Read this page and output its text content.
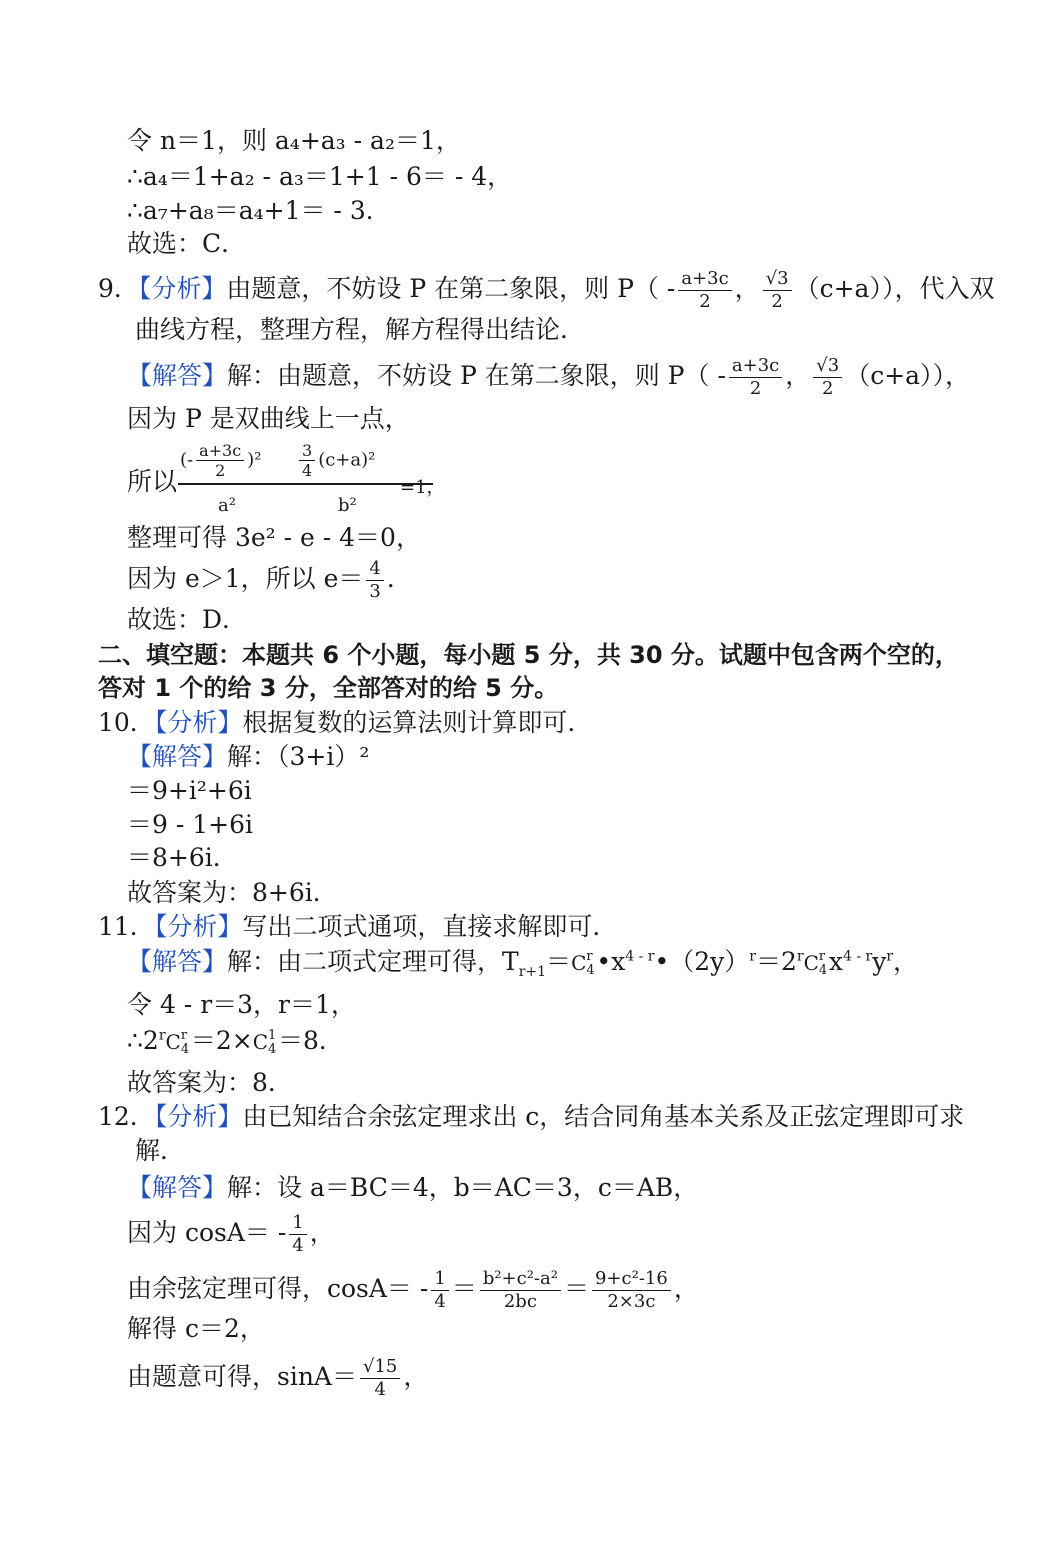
令 n＝1，则 a₄+a₃ - a₂＝1，
∴a₄＝1+a₂ - a₃＝1+1 - 6＝ - 4，
∴a₇+a₈＝a₄+1＝ - 3．
故选：C．
9．【分析】由题意，不妨设 P 在第二象限，则 $P( - \frac{a+3c}{2}$ ， $\frac{√3}{2} (c+a)$），代入双
曲线方程，整理方程，解方程得出结论．
【解答】解：由题意，不妨设 P 在第二象限，则 $P( - \frac{a+3c}{2}$ ， $\frac{√3}{2} (c+a)$），
因为 P 是双曲线上一点，
所以
(- $\frac{a+3c}{2} )^2 \frac{3}{4} (c+a)^2$
-
a²	b²
=1，
整理可得 3e² - e - 4＝0，
因为 e＞1，所以 $e= \frac{4}{3}$ ．
故选：D．
二、填空题：本题共 6 个小题，每小题 5 分，共 30 分。试题中包含两个空的，
答对 1 个的给 3 分，全部答对的给 5 分。
10．【分析】根据复数的运算法则计算即可．
【解答】解：（3+i）²
＝9+i²+6i
＝9 - 1+6i
＝8+6i．
故答案为：8+6i．
11．【分析】写出二项式通项，直接求解即可．
【解答】解：由二项式定理可得，$T_{r+1}=C$ r
4 $•x^{4 - r}•(2y)^r=2^rC$ r
4 $x^{4 - r}y^r$，
令 4 - r＝3，r＝1，
∴2$^r$C r
4 ＝2×C 1
4 ＝8．
故答案为：8．
12．【分析】由已知结合余弦定理求出 c，结合同角基本关系及正弦定理即可求
解．
【解答】解：设 a＝BC＝4，b＝AC＝3，c＝AB，
因为 $\cos A= - \frac{1}{4}$ ，
由余弦定理可得，$\cos A= - \frac{1}{4} = \frac{\text{b²+c²-a²}}{2bc} = \frac{\text{9+c²-16}}{2\times 3c}$ ，
解得 c＝2，
由题意可得，$\sin A= \frac{√15}{4}$ ，
